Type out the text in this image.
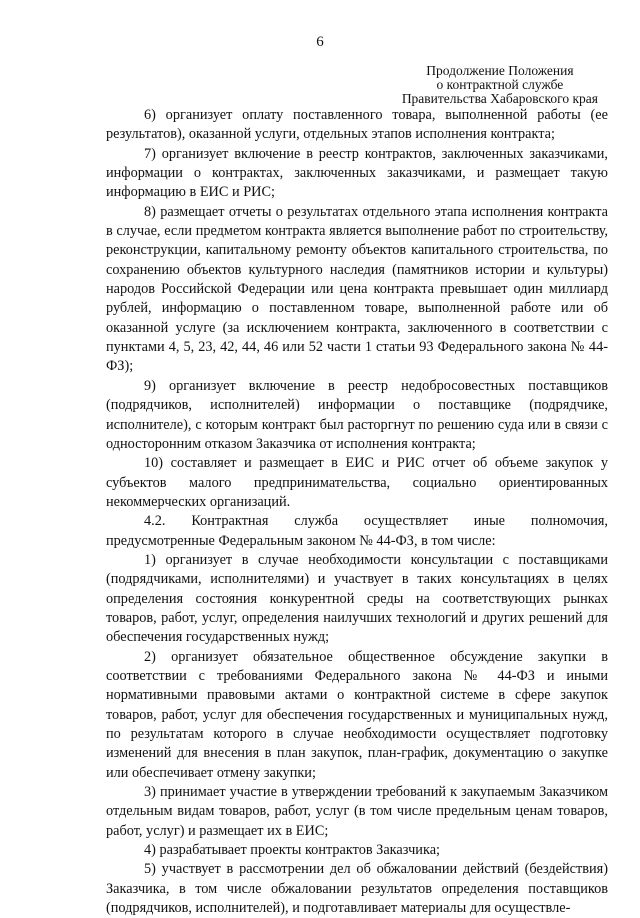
6
Продолжение Положения
о контрактной службе
Правительства Хабаровского края

6) организует оплату поставленного товара, выполненной работы (ее результатов), оказанной услуги, отдельных этапов исполнения контракта;

7) организует включение в реестр контрактов, заключенных заказчиками, информации о контрактах, заключенных заказчиками, и размещает такую информацию в ЕИС и РИС;

8) размещает отчеты о результатах отдельного этапа исполнения контракта в случае, если предметом контракта является выполнение работ по строительству, реконструкции, капитальному ремонту объектов капитального строительства, по сохранению объектов культурного наследия (памятников истории и культуры) народов Российской Федерации или цена контракта превышает один миллиард рублей, информацию о поставленном товаре, выполненной работе или об оказанной услуге (за исключением контракта, заключенного в соответствии с пунктами 4, 5, 23, 42, 44, 46 или 52 части 1 статьи 93 Федерального закона № 44-ФЗ);

9) организует включение в реестр недобросовестных поставщиков (подрядчиков, исполнителей) информации о поставщике (подрядчике, исполнителе), с которым контракт был расторгнут по решению суда или в связи с односторонним отказом Заказчика от исполнения контракта;

10) составляет и размещает в ЕИС и РИС отчет об объеме закупок у субъектов малого предпринимательства, социально ориентированных некоммерческих организаций.

4.2. Контрактная служба осуществляет иные полномочия, предусмотренные Федеральным законом № 44-ФЗ, в том числе:

1) организует в случае необходимости консультации с поставщиками (подрядчиками, исполнителями) и участвует в таких консультациях в целях определения состояния конкурентной среды на соответствующих рынках товаров, работ, услуг, определения наилучших технологий и других решений для обеспечения государственных нужд;

2) организует обязательное общественное обсуждение закупки в соответствии с требованиями Федерального закона № 44-ФЗ и иными нормативными правовыми актами о контрактной системе в сфере закупок товаров, работ, услуг для обеспечения государственных и муниципальных нужд, по результатам которого в случае необходимости осуществляет подготовку изменений для внесения в план закупок, план-график, документацию о закупке или обеспечивает отмену закупки;

3) принимает участие в утверждении требований к закупаемым Заказчиком отдельным видам товаров, работ, услуг (в том числе предельным ценам товаров, работ, услуг) и размещает их в ЕИС;

4) разрабатывает проекты контрактов Заказчика;

5) участвует в рассмотрении дел об обжаловании действий (бездействия) Заказчика, в том числе обжаловании результатов определения поставщиков (подрядчиков, исполнителей), и подготавливает материалы для осуществле-
